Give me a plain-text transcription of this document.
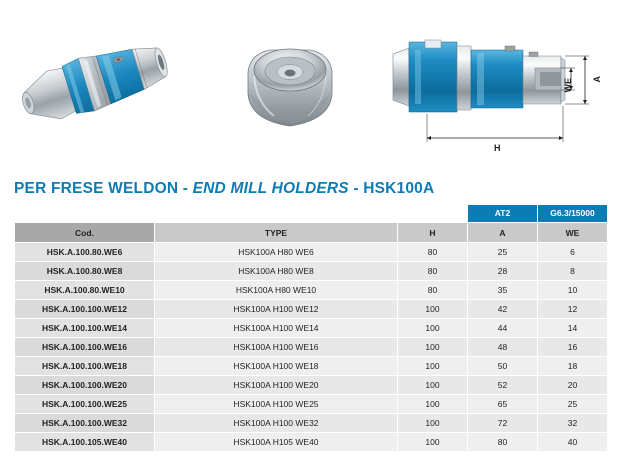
WE A
H
PER FRESE WELDON - END MILL HOLDERS - HSK100A
			AT2	G6.3/15000
Cod.	TYPE	H	A	WE
HSK.A.100.80.WE6	HSK100A H80 WE6	80	25	6
HSK.A.100.80.WE8	HSK100A H80 WE8	80	28	8
HSK.A.100.80.WE10	HSK100A H80 WE10	80	35	10
HSK.A.100.100.WE12	HSK100A H100 WE12	100	42	12
HSK.A.100.100.WE14	HSK100A H100 WE14	100	44	14
HSK.A.100.100.WE16	HSK100A H100 WE16	100	48	16
HSK.A.100.100.WE18	HSK100A H100 WE18	100	50	18
HSK.A.100.100.WE20	HSK100A H100 WE20	100	52	20
HSK.A.100.100.WE25	HSK100A H100 WE25	100	65	25
HSK.A.100.100.WE32	HSK100A H100 WE32	100	72	32
HSK.A.100.105.WE40	HSK100A H105 WE40	100	80	40
